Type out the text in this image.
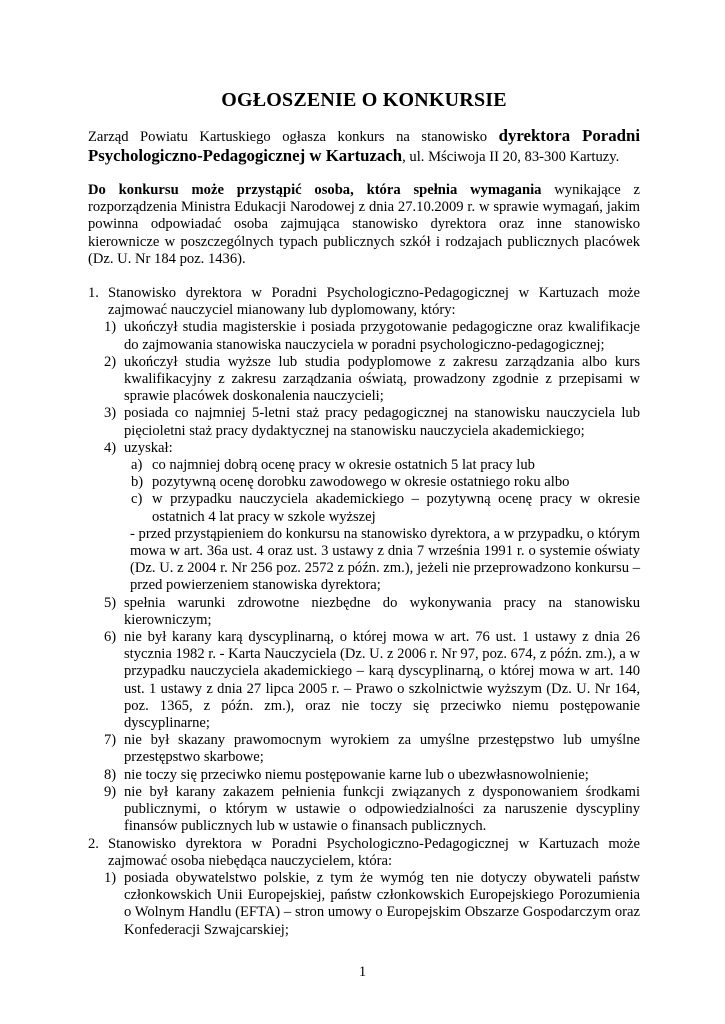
OGŁOSZENIE O KONKURSIE
Zarząd Powiatu Kartuskiego ogłasza konkurs na stanowisko dyrektora Poradni Psychologiczno-Pedagogicznej w Kartuzach, ul. Mściwoja II 20, 83-300 Kartuzy.
Do konkursu może przystąpić osoba, która spełnia wymagania wynikające z rozporządzenia Ministra Edukacji Narodowej z dnia 27.10.2009 r. w sprawie wymagań, jakim powinna odpowiadać osoba zajmująca stanowisko dyrektora oraz inne stanowisko kierownicze w poszczególnych typach publicznych szkół i rodzajach publicznych placówek (Dz. U. Nr 184 poz. 1436).
1. Stanowisko dyrektora w Poradni Psychologiczno-Pedagogicznej w Kartuzach może zajmować nauczyciel mianowany lub dyplomowany, który:
1) ukończył studia magisterskie i posiada przygotowanie pedagogiczne oraz kwalifikacje do zajmowania stanowiska nauczyciela w poradni psychologiczno-pedagogicznej;
2) ukończył studia wyższe lub studia podyplomowe z zakresu zarządzania albo kurs kwalifikacyjny z zakresu zarządzania oświatą, prowadzony zgodnie z przepisami w sprawie placówek doskonalenia nauczycieli;
3) posiada co najmniej 5-letni staż pracy pedagogicznej na stanowisku nauczyciela lub pięcioletni staż pracy dydaktycznej na stanowisku nauczyciela akademickiego;
4) uzyskał:
a) co najmniej dobrą ocenę pracy w okresie ostatnich 5 lat pracy lub
b) pozytywną ocenę dorobku zawodowego w okresie ostatniego roku albo
c) w przypadku nauczyciela akademickiego – pozytywną ocenę pracy w okresie ostatnich 4 lat pracy w szkole wyższej
- przed przystąpieniem do konkursu na stanowisko dyrektora, a w przypadku, o którym mowa w art. 36a ust. 4 oraz ust. 3 ustawy z dnia 7 września 1991 r. o systemie oświaty (Dz. U. z 2004 r. Nr 256 poz. 2572 z późn. zm.), jeżeli nie przeprowadzono konkursu – przed powierzeniem stanowiska dyrektora;
5) spełnia warunki zdrowotne niezbędne do wykonywania pracy na stanowisku kierowniczym;
6) nie był karany karą dyscyplinarną, o której mowa w art. 76 ust. 1 ustawy z dnia 26 stycznia 1982 r. - Karta Nauczyciela (Dz. U. z 2006 r. Nr 97, poz. 674, z późn. zm.), a w przypadku nauczyciela akademickiego – karą dyscyplinarną, o której mowa w art. 140 ust. 1 ustawy z dnia 27 lipca 2005 r. – Prawo o szkolnictwie wyższym (Dz. U. Nr 164, poz. 1365, z późn. zm.), oraz nie toczy się przeciwko niemu postępowanie dyscyplinarne;
7) nie był skazany prawomocnym wyrokiem za umyślne przestępstwo lub umyślne przestępstwo skarbowe;
8) nie toczy się przeciwko niemu postępowanie karne lub o ubezwłasnowolnienie;
9) nie był karany zakazem pełnienia funkcji związanych z dysponowaniem środkami publicznymi, o którym w ustawie o odpowiedzialności za naruszenie dyscypliny finansów publicznych lub w ustawie o finansach publicznych.
2. Stanowisko dyrektora w Poradni Psychologiczno-Pedagogicznej w Kartuzach może zajmować osoba niebędąca nauczycielem, która:
1) posiada obywatelstwo polskie, z tym że wymóg ten nie dotyczy obywateli państw członkowskich Unii Europejskiej, państw członkowskich Europejskiego Porozumienia o Wolnym Handlu (EFTA) – stron umowy o Europejskim Obszarze Gospodarczym oraz Konfederacji Szwajcarskiej;
1
